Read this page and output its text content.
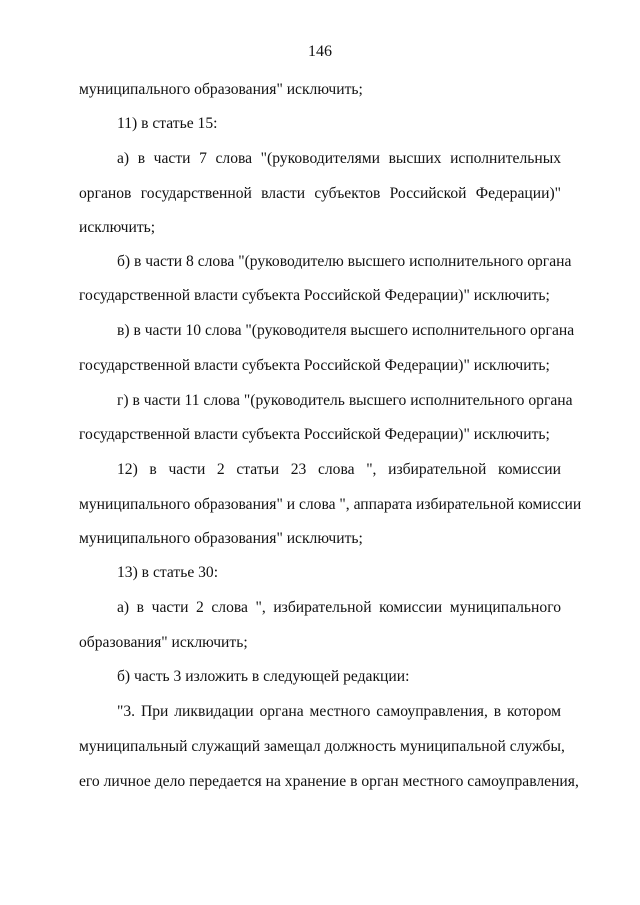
146
муниципального образования" исключить;
11) в статье 15:
а) в части 7 слова "(руководителями высших исполнительных
органов государственной власти субъектов Российской Федерации)"
исключить;
б) в части 8 слова "(руководителю высшего исполнительного органа
государственной власти субъекта Российской Федерации)" исключить;
в) в части 10 слова "(руководителя высшего исполнительного органа
государственной власти субъекта Российской Федерации)" исключить;
г) в части 11 слова "(руководитель высшего исполнительного органа
государственной власти субъекта Российской Федерации)" исключить;
12) в части 2 статьи 23 слова ", избирательной комиссии
муниципального образования" и слова ", аппарата избирательной комиссии
муниципального образования" исключить;
13) в статье 30:
а) в части 2 слова ", избирательной комиссии муниципального
образования" исключить;
б) часть 3 изложить в следующей редакции:
"3. При ликвидации органа местного самоуправления, в котором
муниципальный служащий замещал должность муниципальной службы,
его личное дело передается на хранение в орган местного самоуправления,
